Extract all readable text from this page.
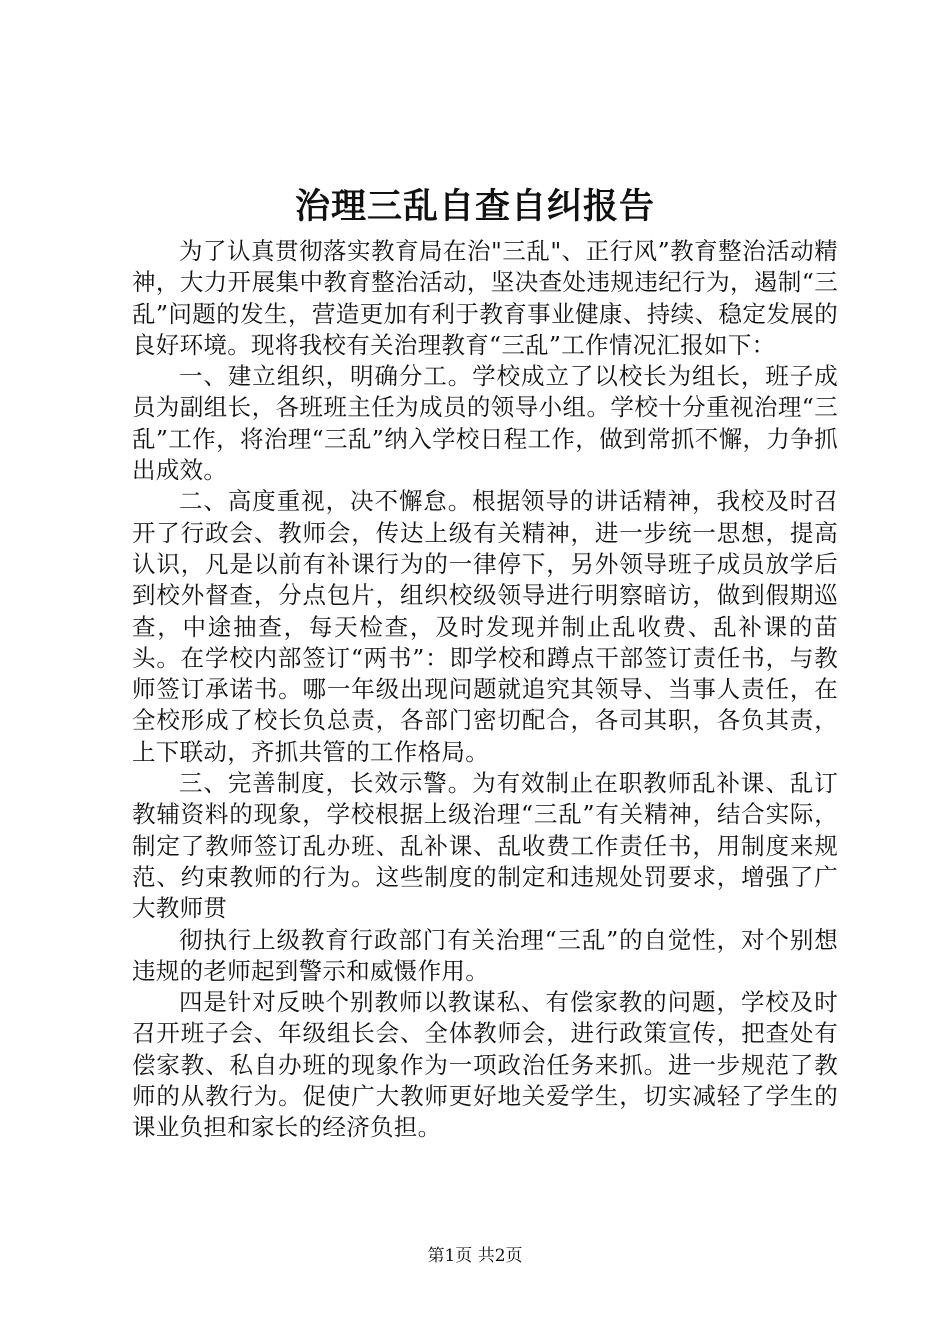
治理三乱自查自纠报告

为了认真贯彻落实教育局在治"三乱"、正行风”教育整治活动精神，大力开展集中教育整治活动，坚决查处违规违纪行为，遏制“三乱”问题的发生，营造更加有利于教育事业健康、持续、稳定发展的良好环境。现将我校有关治理教育“三乱”工作情况汇报如下：

一、建立组织，明确分工。学校成立了以校长为组长，班子成员为副组长，各班班主任为成员的领导小组。学校十分重视治理“三乱”工作，将治理“三乱”纳入学校日程工作，做到常抓不懈，力争抓出成效。

二、高度重视，决不懈怠。根据领导的讲话精神，我校及时召开了行政会、教师会，传达上级有关精神，进一步统一思想，提高认识，凡是以前有补课行为的一律停下，另外领导班子成员放学后到校外督查，分点包片，组织校级领导进行明察暗访，做到假期巡查，中途抽查，每天检查，及时发现并制止乱收费、乱补课的苗头。在学校内部签订“两书”：即学校和蹲点干部签订责任书，与教师签订承诺书。哪一年级出现问题就追究其领导、当事人责任，在全校形成了校长负总责，各部门密切配合，各司其职，各负其责，上下联动，齐抓共管的工作格局。

三、完善制度，长效示警。为有效制止在职教师乱补课、乱订教辅资料的现象，学校根据上级治理“三乱”有关精神，结合实际，制定了教师签订乱办班、乱补课、乱收费工作责任书，用制度来规范、约束教师的行为。这些制度的制定和违规处罚要求，增强了广大教师贯

彻执行上级教育行政部门有关治理“三乱”的自觉性，对个别想违规的老师起到警示和威慑作用。

四是针对反映个别教师以教谋私、有偿家教的问题，学校及时召开班子会、年级组长会、全体教师会，进行政策宣传，把查处有偿家教、私自办班的现象作为一项政治任务来抓。进一步规范了教师的从教行为。促使广大教师更好地关爱学生，切实减轻了学生的课业负担和家长的经济负担。

第1页 共2页
